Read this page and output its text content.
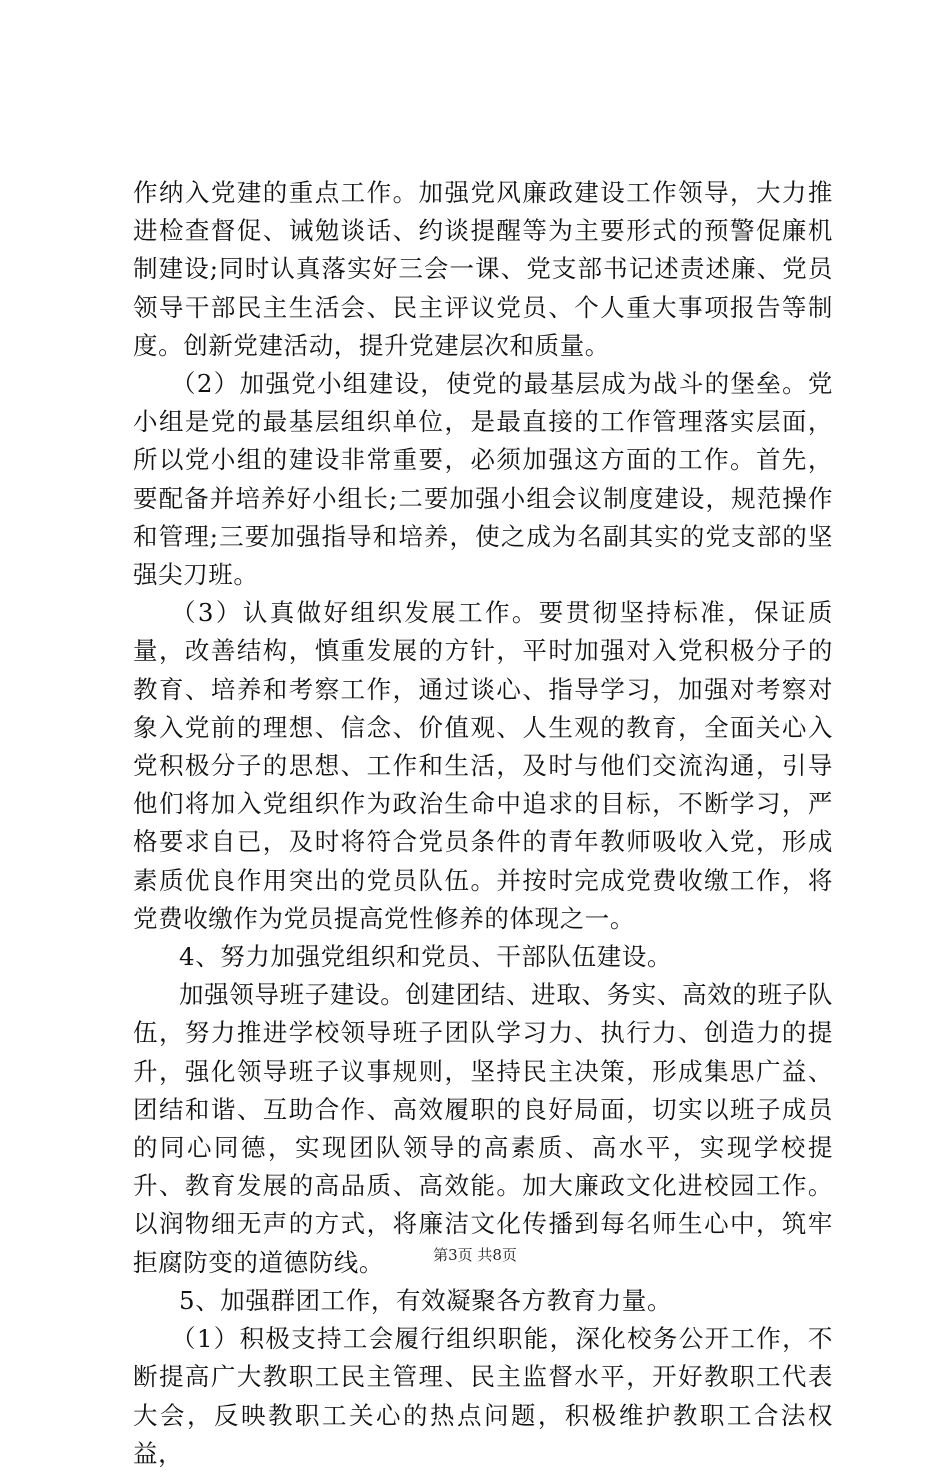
作纳入党建的重点工作。加强党风廉政建设工作领导，大力推进检查督促、诫勉谈话、约谈提醒等为主要形式的预警促廉机制建设;同时认真落实好三会一课、党支部书记述责述廉、党员领导干部民主生活会、民主评议党员、个人重大事项报告等制度。创新党建活动，提升党建层次和质量。

（2）加强党小组建设，使党的最基层成为战斗的堡垒。党小组是党的最基层组织单位，是最直接的工作管理落实层面，所以党小组的建设非常重要，必须加强这方面的工作。首先，要配备并培养好小组长;二要加强小组会议制度建设，规范操作和管理;三要加强指导和培养，使之成为名副其实的党支部的坚强尖刀班。

（3）认真做好组织发展工作。要贯彻坚持标准，保证质量，改善结构，慎重发展的方针，平时加强对入党积极分子的教育、培养和考察工作，通过谈心、指导学习，加强对考察对象入党前的理想、信念、价值观、人生观的教育，全面关心入党积极分子的思想、工作和生活，及时与他们交流沟通，引导他们将加入党组织作为政治生命中追求的目标，不断学习，严格要求自已，及时将符合党员条件的青年教师吸收入党，形成素质优良作用突出的党员队伍。并按时完成党费收缴工作，将党费收缴作为党员提高党性修养的体现之一。

4、努力加强党组织和党员、干部队伍建设。

加强领导班子建设。创建团结、进取、务实、高效的班子队伍，努力推进学校领导班子团队学习力、执行力、创造力的提升，强化领导班子议事规则，坚持民主决策，形成集思广益、团结和谐、互助合作、高效履职的良好局面，切实以班子成员的同心同德，实现团队领导的高素质、高水平，实现学校提升、教育发展的高品质、高效能。加大廉政文化进校园工作。以润物细无声的方式，将廉洁文化传播到每名师生心中，筑牢拒腐防变的道德防线。

5、加强群团工作，有效凝聚各方教育力量。

（1）积极支持工会履行组织职能，深化校务公开工作，不断提高广大教职工民主管理、民主监督水平，开好教职工代表大会，反映教职工关心的热点问题，积极维护教职工合法权益，

第3页 共8页
